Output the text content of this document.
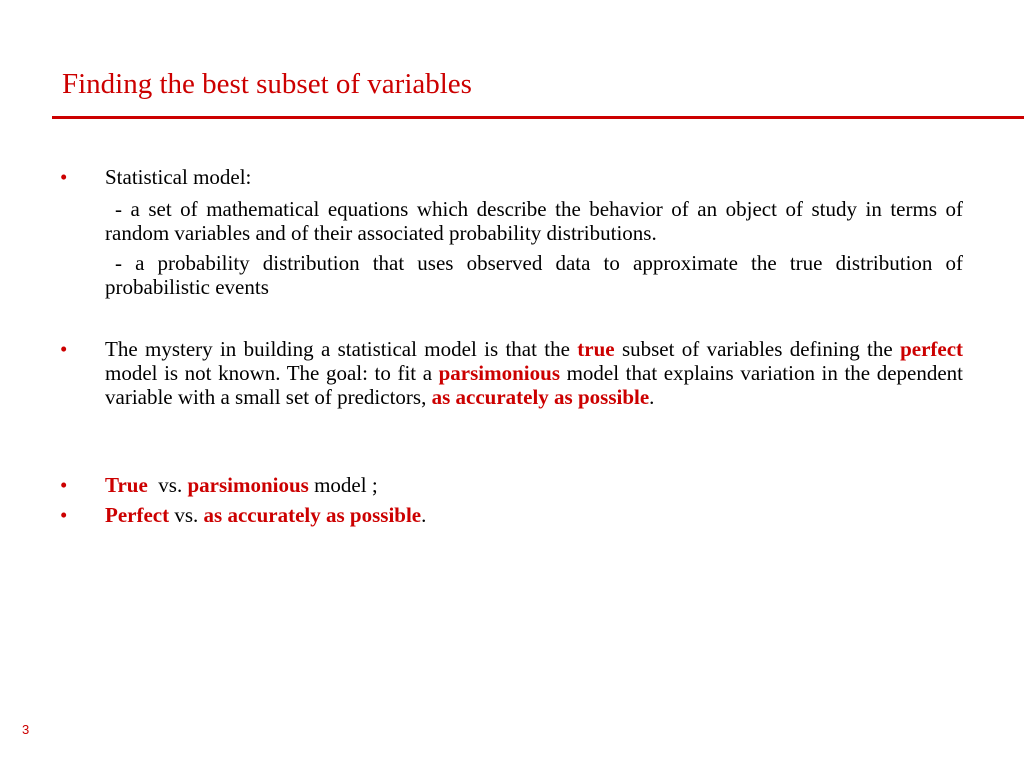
Finding the best subset of variables
• Statistical model:
- a set of mathematical equations which describe the behavior of an object of study in terms of random variables and of their associated probability distributions.
- a probability distribution that uses observed data to approximate the true distribution of probabilistic events
• The mystery in building a statistical model is that the true subset of variables defining the perfect model is not known. The goal: to fit a parsimonious model that explains variation in the dependent variable with a small set of predictors, as accurately as possible.
• True  vs. parsimonious model ;
• Perfect vs. as accurately as possible.
3
